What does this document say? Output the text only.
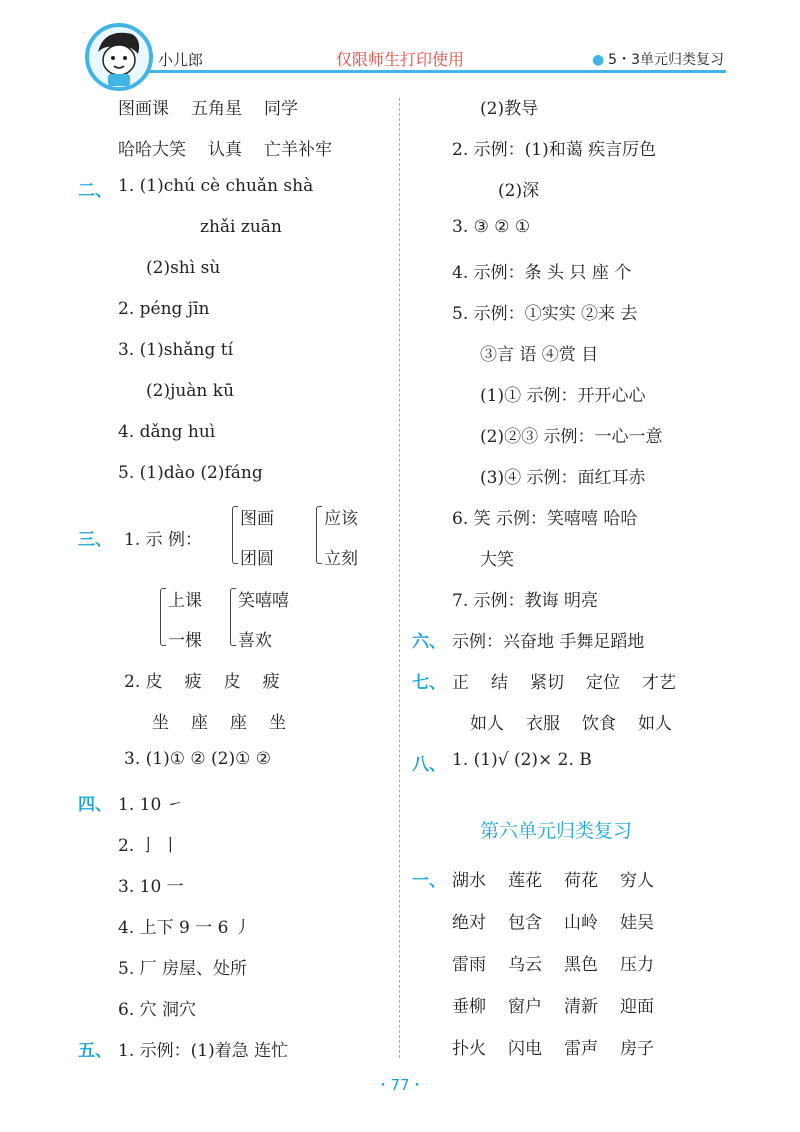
小儿郎	仅限师生打印使用	● 5・3单元归类复习
图画课 五角星 同学
哈哈大笑 认真 亡羊补牢
二、 1. (1)chú cè chuǎn shà
zhǎi zuān
(2)shì sù
2. péng jīn
3. (1)shǎng tí
(2)juàn kū
4. dǎng huì
5. (1)dào (2)fáng
三、 1. 示 例：
图画
团圆
应该
立刻
上课
一棵
笑嘻嘻
喜欢
2. 皮 疲 皮 疲
坐 座 座 坐
3. (1)① ② (2)① ②
四、 1. 10 ㇀
2. 亅 丨
3. 10 一
4. 上下 9 一 6 丿
5. 厂 房屋、处所
6. 穴 洞穴
五、 1. 示例：(1)着急 连忙
(2)教导
2. 示例：(1)和蔼 疾言厉色
(2)深
3. ③ ② ①
4. 示例：条 头 只 座 个
5. 示例：①实实 ②来 去
③言 语 ④赏 目
(1)① 示例：开开心心
(2)②③ 示例：一心一意
(3)④ 示例：面红耳赤
6. 笑 示例：笑嘻嘻 哈哈
大笑
7. 示例：教诲 明亮
六、 示例：兴奋地 手舞足蹈地
七、 正 结 紧切 定位 才艺
如人 衣服 饮食 如人
八、 1. (1)√ (2)× 2. B
第六单元归类复习
一、 湖水 莲花 荷花 穷人
绝对 包含 山岭 娃吴
雷雨 乌云 黑色 压力
垂柳 窗户 清新 迎面
扑火 闪电 雷声 房子
・77・
